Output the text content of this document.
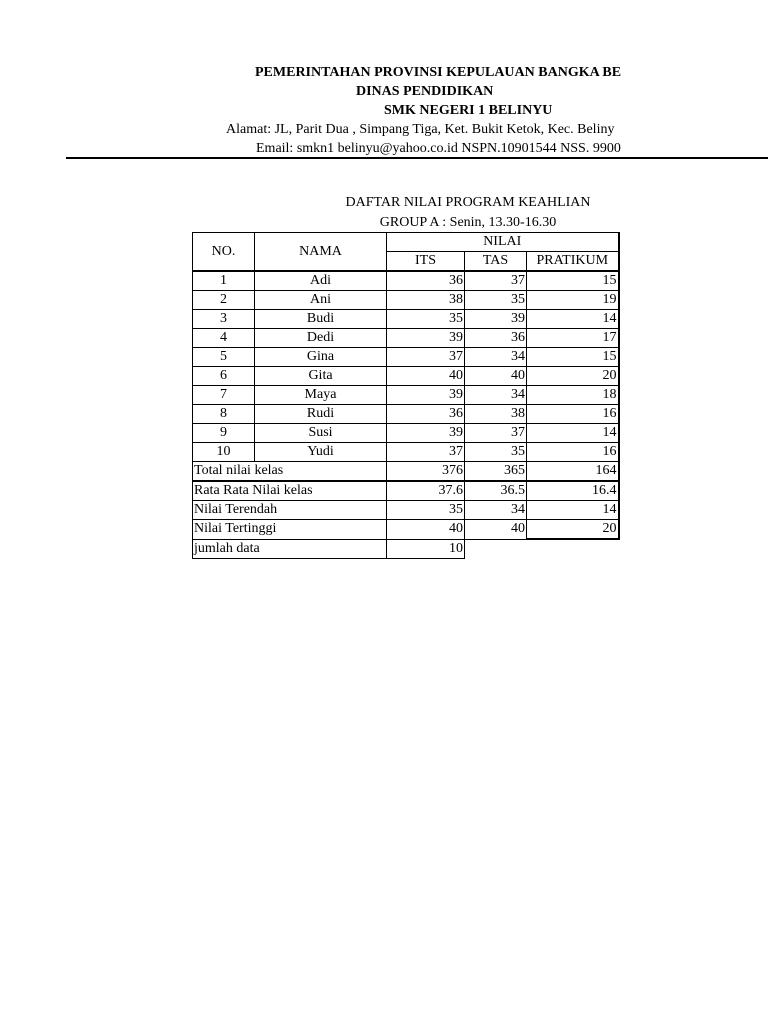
PEMERINTAHAN PROVINSI KEPULAUAN BANGKA BE
DINAS PENDIDIKAN
SMK NEGERI 1 BELINYU
Alamat: JL, Parit Dua , Simpang Tiga, Ket. Bukit Ketok, Kec. Beliny
Email: smkn1 belinyu@yahoo.co.id NSPN.10901544 NSS. 9900
DAFTAR NILAI PROGRAM KEAHLIAN
GROUP A : Senin, 13.30-16.30
NO.	NAMA	NILAI		
		ITS	TAS	PRATIKUM
1	Adi	36	37	15
2	Ani	38	35	19
3	Budi	35	39	14
4	Dedi	39	36	17
5	Gina	37	34	15
6	Gita	40	40	20
7	Maya	39	34	18
8	Rudi	36	38	16
9	Susi	39	37	14
10	Yudi	37	35	16
Total nilai kelas		376	365	164
Rata Rata Nilai kelas		37.6	36.5	16.4
Nilai Terendah		35	34	14
Nilai Tertinggi		40	40	20
jumlah data		10		
